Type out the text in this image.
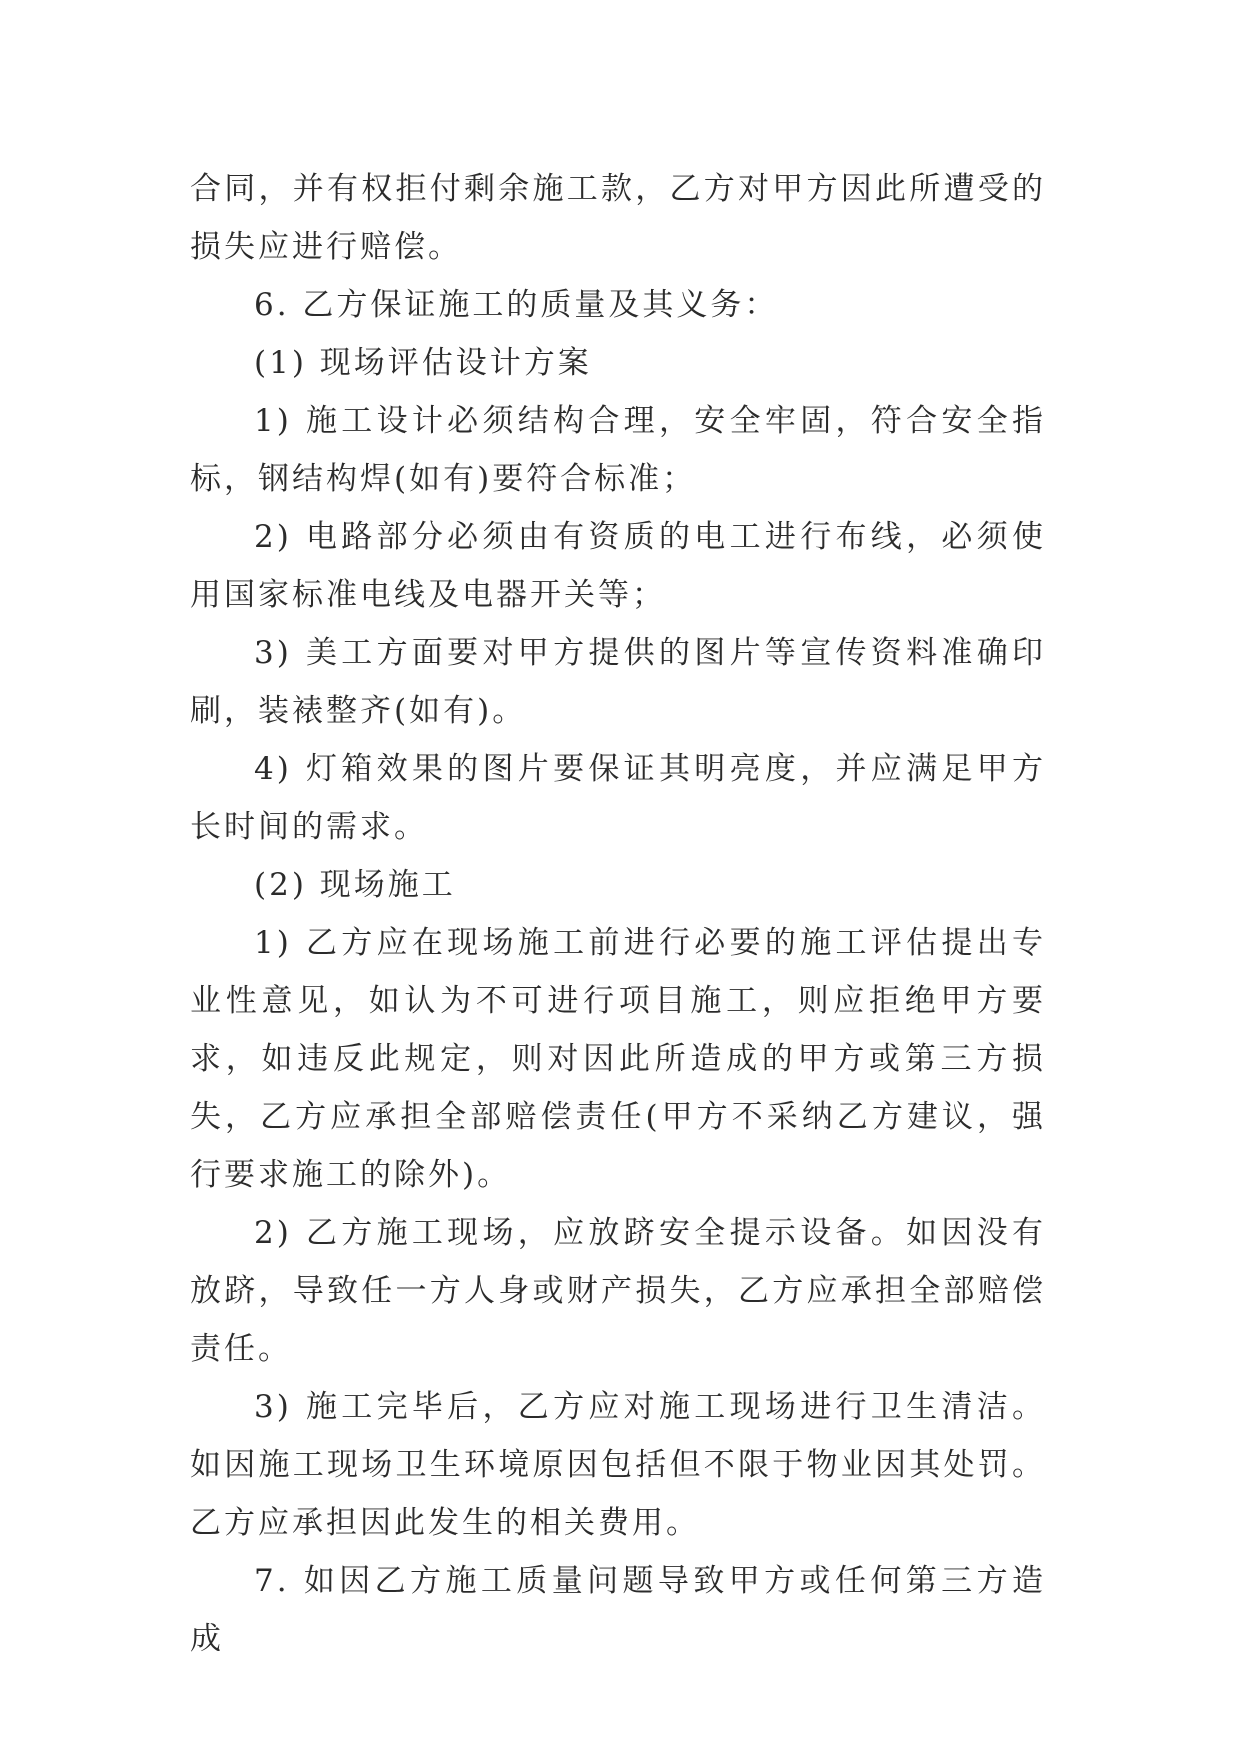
合同，并有权拒付剩余施工款，乙方对甲方因此所遭受的损失应进行赔偿。

6. 乙方保证施工的质量及其义务：

(1) 现场评估设计方案

1) 施工设计必须结构合理，安全牢固，符合安全指标，钢结构焊(如有)要符合标准；

2) 电路部分必须由有资质的电工进行布线，必须使用国家标准电线及电器开关等；

3) 美工方面要对甲方提供的图片等宣传资料准确印刷，装裱整齐(如有)。

4) 灯箱效果的图片要保证其明亮度，并应满足甲方长时间的需求。

(2) 现场施工

1) 乙方应在现场施工前进行必要的施工评估提出专业性意见，如认为不可进行项目施工，则应拒绝甲方要求，如违反此规定，则对因此所造成的甲方或第三方损失，乙方应承担全部赔偿责任(甲方不采纳乙方建议，强行要求施工的除外)。

2) 乙方施工现场，应放跻安全提示设备。如因没有放跻，导致任一方人身或财产损失，乙方应承担全部赔偿责任。

3) 施工完毕后，乙方应对施工现场进行卫生清洁。如因施工现场卫生环境原因包括但不限于物业因其处罚。乙方应承担因此发生的相关费用。

7. 如因乙方施工质量问题导致甲方或任何第三方造成
